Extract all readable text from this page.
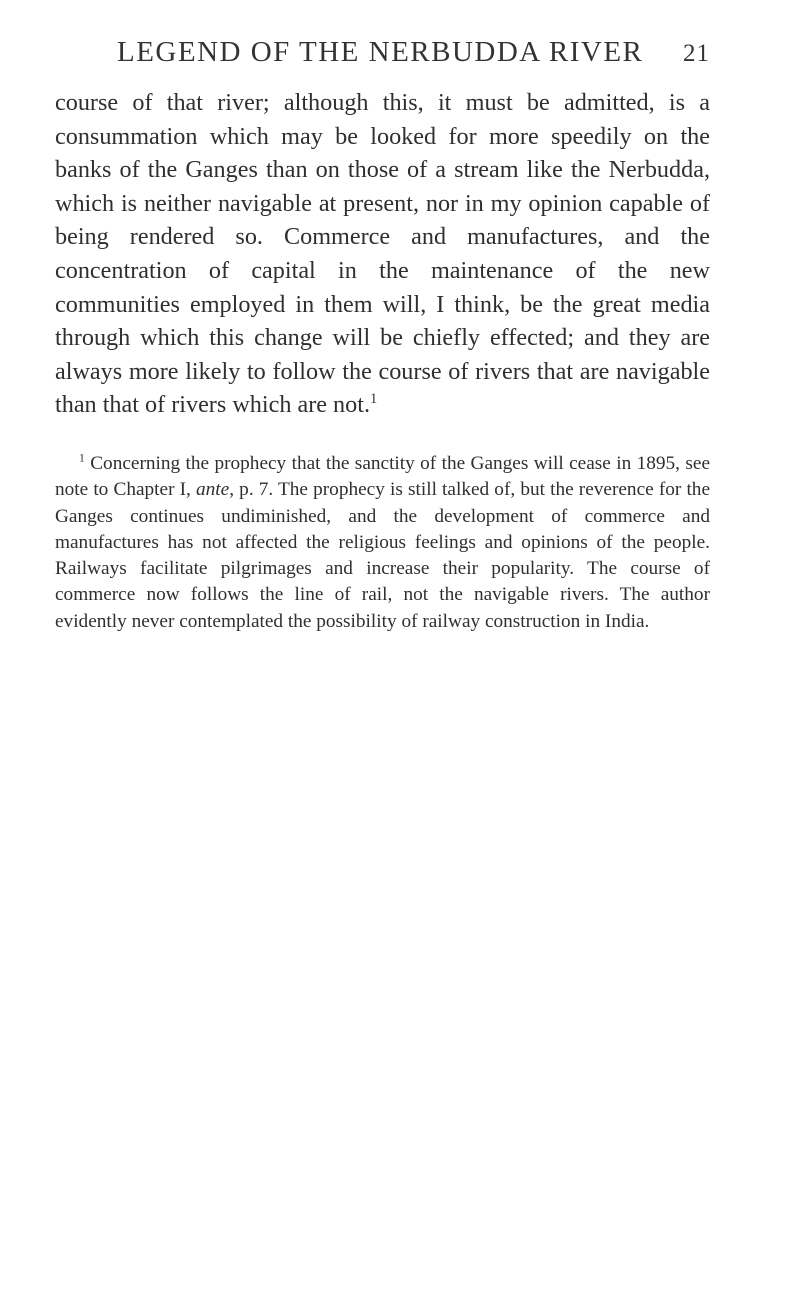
LEGEND OF THE NERBUDDA RIVER 21

course of that river; although this, it must be admitted, is a consummation which may be looked for more speedily on the banks of the Ganges than on those of a stream like the Nerbudda, which is neither navigable at present, nor in my opinion capable of being rendered so. Commerce and manufactures, and the concentration of capital in the maintenance of the new communities employed in them will, I think, be the great media through which this change will be chiefly effected; and they are always more likely to follow the course of rivers that are navigable than that of rivers which are not.$^1$

$^1$ Concerning the prophecy that the sanctity of the Ganges will cease in 1895, see note to Chapter I, ante, p. 7. The prophecy is still talked of, but the reverence for the Ganges continues undiminished, and the development of commerce and manufactures has not affected the religious feelings and opinions of the people. Railways facilitate pilgrimages and increase their popularity. The course of commerce now follows the line of rail, not the navigable rivers. The author evidently never contemplated the possibility of railway construction in India.
